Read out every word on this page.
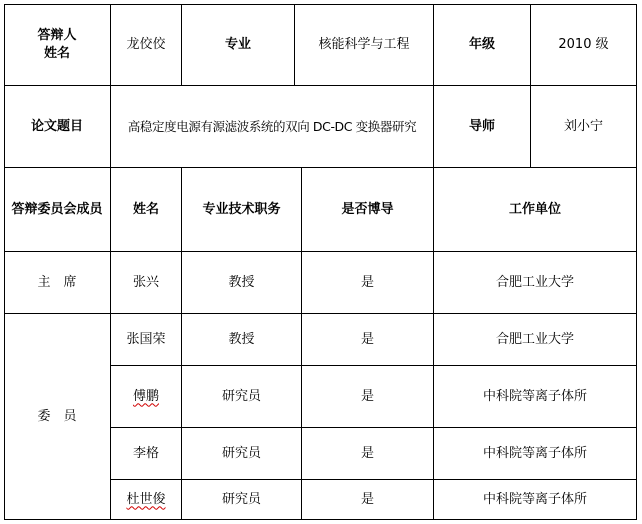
答辩人
姓名
龙佼佼	专业	核能科学与工程	年级	2010 级
论文题目	高稳定度电源有源滤波系统的双向 DC-DC 变换器研究	导师	刘小宁
答辩委员会成员	姓名	专业技术职务	是否博导	工作单位
主　席	张兴	教授	是	合肥工业大学
委　员
张国荣	教授	是	合肥工业大学
傅鹏	研究员	是	中科院等离子体所
李格	研究员	是	中科院等离子体所
杜世俊	研究员	是	中科院等离子体所
